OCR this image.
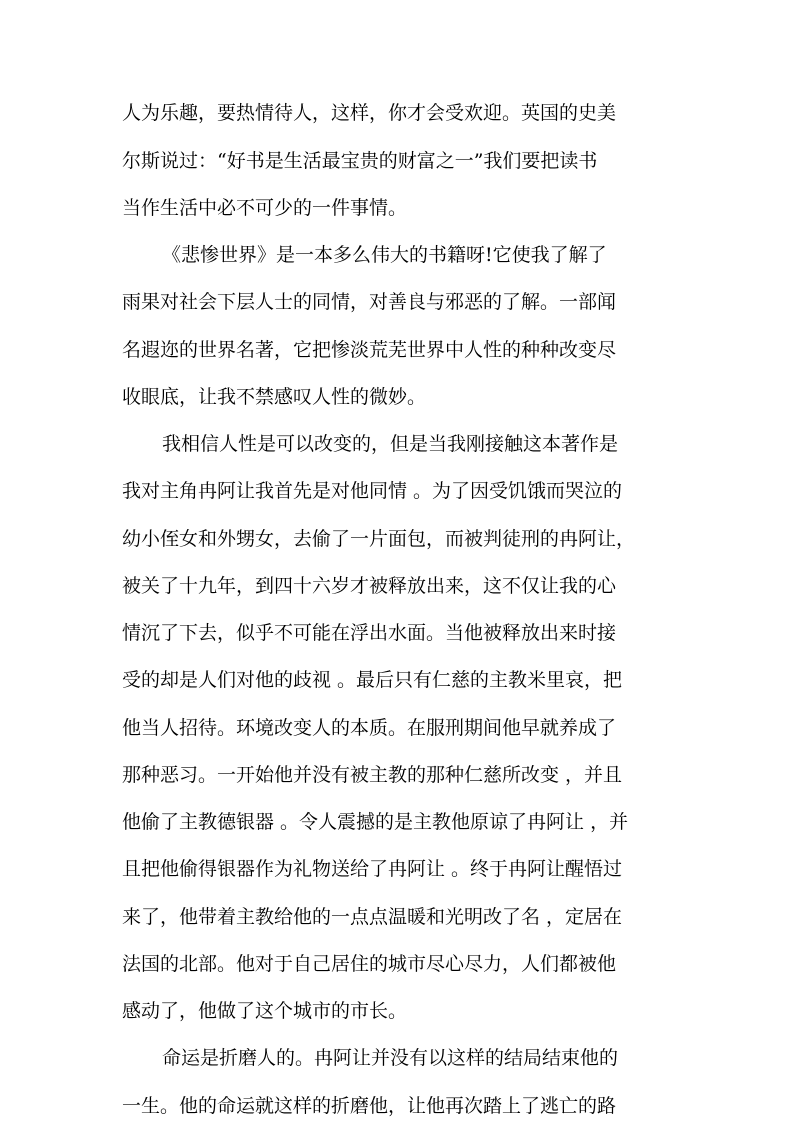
人为乐趣，要热情待人，这样，你才会受欢迎。英国的史美
尔斯说过：“好书是生活最宝贵的财富之一”我们要把读书
当作生活中必不可少的一件事情。
《悲惨世界》是一本多么伟大的书籍呀!它使我了解了
雨果对社会下层人士的同情，对善良与邪恶的了解。一部闻
名遐迩的世界名著，它把惨淡荒芜世界中人性的种种改变尽
收眼底，让我不禁感叹人性的微妙。
我相信人性是可以改变的，但是当我刚接触这本著作是
我对主角冉阿让我首先是对他同情 。为了因受饥饿而哭泣的
幼小侄女和外甥女，去偷了一片面包，而被判徒刑的冉阿让，
被关了十九年，到四十六岁才被释放出来，这不仅让我的心
情沉了下去，似乎不可能在浮出水面。当他被释放出来时接
受的却是人们对他的歧视 。最后只有仁慈的主教米里哀，把
他当人招待。环境改变人的本质。在服刑期间他早就养成了
那种恶习。一开始他并没有被主教的那种仁慈所改变 ，并且
他偷了主教德银器 。令人震撼的是主教他原谅了冉阿让 ，并
且把他偷得银器作为礼物送给了冉阿让 。终于冉阿让醒悟过
来了，他带着主教给他的一点点温暖和光明改了名 ，定居在
法国的北部。他对于自己居住的城市尽心尽力，人们都被他
感动了，他做了这个城市的市长。
命运是折磨人的。冉阿让并没有以这样的结局结束他的
一生。他的命运就这样的折磨他，让他再次踏上了逃亡的路
